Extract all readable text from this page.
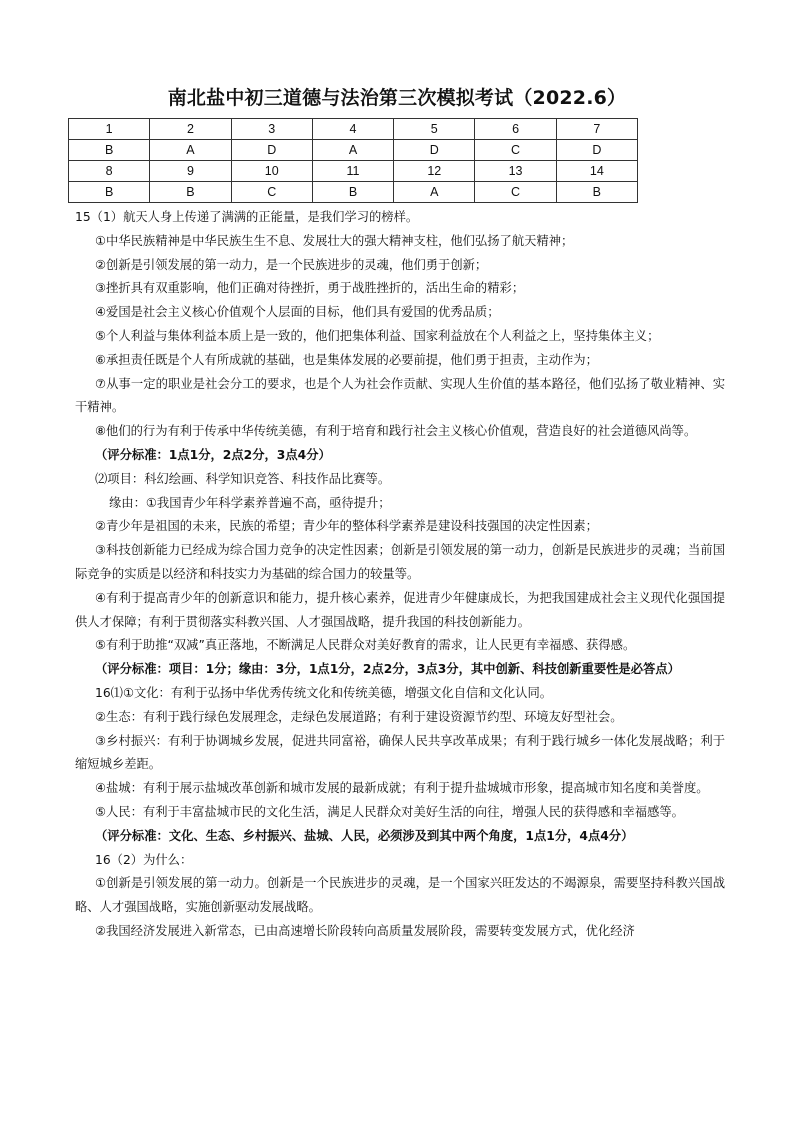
南北盐中初三道德与法治第三次模拟考试（2022.6）
1	2	3	4	5	6	7
B	A	D	A	D	C	D
8	9	10	11	12	13	14
B	B	C	B	A	C	B

15（1）航天人身上传递了满满的正能量，是我们学习的榜样。

①中华民族精神是中华民族生生不息、发展壮大的强大精神支柱，他们弘扬了航天精神；

②创新是引领发展的第一动力，是一个民族进步的灵魂，他们勇于创新；

③挫折具有双重影响，他们正确对待挫折，勇于战胜挫折的，活出生命的精彩；

④爱国是社会主义核心价值观个人层面的目标，他们具有爱国的优秀品质；

⑤个人利益与集体利益本质上是一致的，他们把集体利益、国家利益放在个人利益之上，坚持集体主义；

⑥承担责任既是个人有所成就的基础，也是集体发展的必要前提，他们勇于担责，主动作为；

⑦从事一定的职业是社会分工的要求，也是个人为社会作贡献、实现人生价值的基本路径，他们弘扬了敬业精神、实干精神。

⑧他们的行为有利于传承中华传统美德，有利于培育和践行社会主义核心价值观，营造良好的社会道德风尚等。

（评分标准：1点1分，2点2分，3点4分）

⑵项目：科幻绘画、科学知识竞答、科技作品比赛等。

缘由：①我国青少年科学素养普遍不高，亟待提升；

②青少年是祖国的未来，民族的希望；青少年的整体科学素养是建设科技强国的决定性因素；

③科技创新能力已经成为综合国力竞争的决定性因素；创新是引领发展的第一动力，创新是民族进步的灵魂；当前国际竞争的实质是以经济和科技实力为基础的综合国力的较量等。

④有利于提高青少年的创新意识和能力，提升核心素养，促进青少年健康成长，为把我国建成社会主义现代化强国提供人才保障；有利于贯彻落实科教兴国、人才强国战略，提升我国的科技创新能力。

⑤有利于助推“双减”真正落地，不断满足人民群众对美好教育的需求，让人民更有幸福感、获得感。

（评分标准：项目：1分；缘由：3分，1点1分，2点2分，3点3分，其中创新、科技创新重要性是必答点）

16⑴①文化：有利于弘扬中华优秀传统文化和传统美德，增强文化自信和文化认同。

②生态：有利于践行绿色发展理念，走绿色发展道路；有利于建设资源节约型、环境友好型社会。

③乡村振兴：有利于协调城乡发展，促进共同富裕，确保人民共享改革成果；有利于践行城乡一体化发展战略；利于缩短城乡差距。

④盐城：有利于展示盐城改革创新和城市发展的最新成就；有利于提升盐城城市形象，提高城市知名度和美誉度。

⑤人民：有利于丰富盐城市民的文化生活，满足人民群众对美好生活的向往，增强人民的获得感和幸福感等。

（评分标准：文化、生态、乡村振兴、盐城、人民，必须涉及到其中两个角度，1点1分，4点4分）

16（2）为什么：

①创新是引领发展的第一动力。创新是一个民族进步的灵魂，是一个国家兴旺发达的不竭源泉，需要坚持科教兴国战略、人才强国战略，实施创新驱动发展战略。

②我国经济发展进入新常态，已由高速增长阶段转向高质量发展阶段，需要转变发展方式，优化经济
